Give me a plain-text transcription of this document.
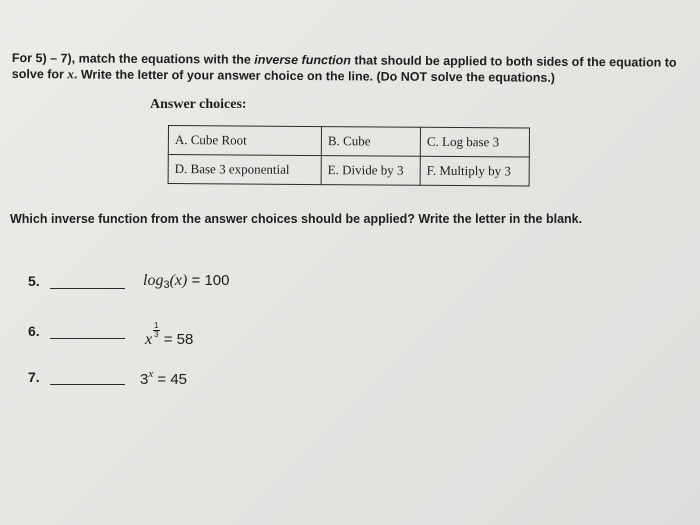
For 5) – 7), match the equations with the inverse function that should be applied to both sides of the equation to solve for x. Write the letter of your answer choice on the line. (Do NOT solve the equations.)
Answer choices:
A. Cube Root	B. Cube	C. Log base 3
D. Base 3 exponential	E. Divide by 3	F. Multiply by 3
Which inverse function from the answer choices should be applied? Write the letter in the blank.
5.	$\log_3(x) = 100$
6.	x
$\frac{1}{3}$
= 58
7.	$3^x = 45$
